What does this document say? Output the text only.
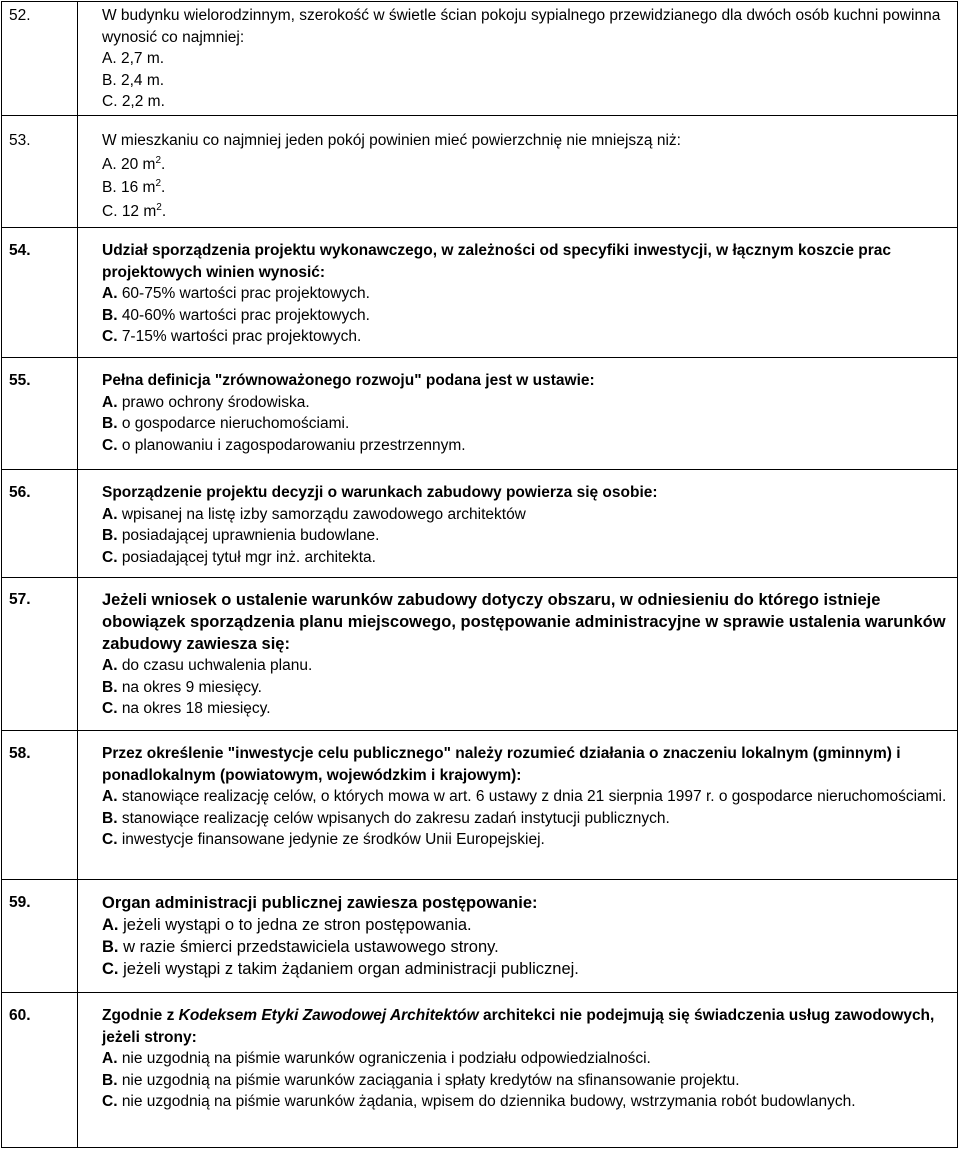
52.	W budynku wielorodzinnym, szerokość w świetle ścian pokoju sypialnego przewidzianego dla dwóch osób kuchni powinna wynosić co najmniej:
A. 2,7 m.
B. 2,4 m.
C. 2,2 m.

53.	W mieszkaniu co najmniej jeden pokój powinien mieć powierzchnię nie mniejszą niż:
A. 20 $m^2$.
B. 16 $m^2$.
C. 12 $m^2$.

54.	Udział sporządzenia projektu wykonawczego, w zależności od specyfiki inwestycji, w łącznym koszcie prac projektowych winien wynosić:
A. 60-75% wartości prac projektowych.
B. 40-60% wartości prac projektowych.
C. 7-15% wartości prac projektowych.

55.	Pełna definicja "zrównoważonego rozwoju" podana jest w ustawie:
A. prawo ochrony środowiska.
B. o gospodarce nieruchomościami.
C. o planowaniu i zagospodarowaniu przestrzennym.

56.	Sporządzenie projektu decyzji o warunkach zabudowy powierza się osobie:
A. wpisanej na listę izby samorządu zawodowego architektów
B. posiadającej uprawnienia budowlane.
C. posiadającej tytuł mgr inż. architekta.

57.	Jeżeli wniosek o ustalenie warunków zabudowy dotyczy obszaru, w odniesieniu do którego istnieje obowiązek sporządzenia planu miejscowego, postępowanie administracyjne w sprawie ustalenia warunków zabudowy zawiesza się:
A. do czasu uchwalenia planu.
B. na okres 9 miesięcy.
C. na okres 18 miesięcy.

58.	Przez określenie "inwestycje celu publicznego" należy rozumieć działania o znaczeniu lokalnym (gminnym) i ponadlokalnym (powiatowym, wojewódzkim i krajowym):
A. stanowiące realizację celów, o których mowa w art. 6 ustawy z dnia 21 sierpnia 1997 r. o gospodarce nieruchomościami.
B. stanowiące realizację celów wpisanych do zakresu zadań instytucji publicznych.
C. inwestycje finansowane jedynie ze środków Unii Europejskiej.

59.	Organ administracji publicznej zawiesza postępowanie:
A. jeżeli wystąpi o to jedna ze stron postępowania.
B. w razie śmierci przedstawiciela ustawowego strony.
C. jeżeli wystąpi z takim żądaniem organ administracji publicznej.

60.	Zgodnie z Kodeksem Etyki Zawodowej Architektów architekci nie podejmują się świadczenia usług zawodowych, jeżeli strony:
A. nie uzgodnią na piśmie warunków ograniczenia i podziału odpowiedzialności.
B. nie uzgodnią na piśmie warunków zaciągania i spłaty kredytów na sfinansowanie projektu.
C. nie uzgodnią na piśmie warunków żądania, wpisem do dziennika budowy, wstrzymania robót budowlanych.
